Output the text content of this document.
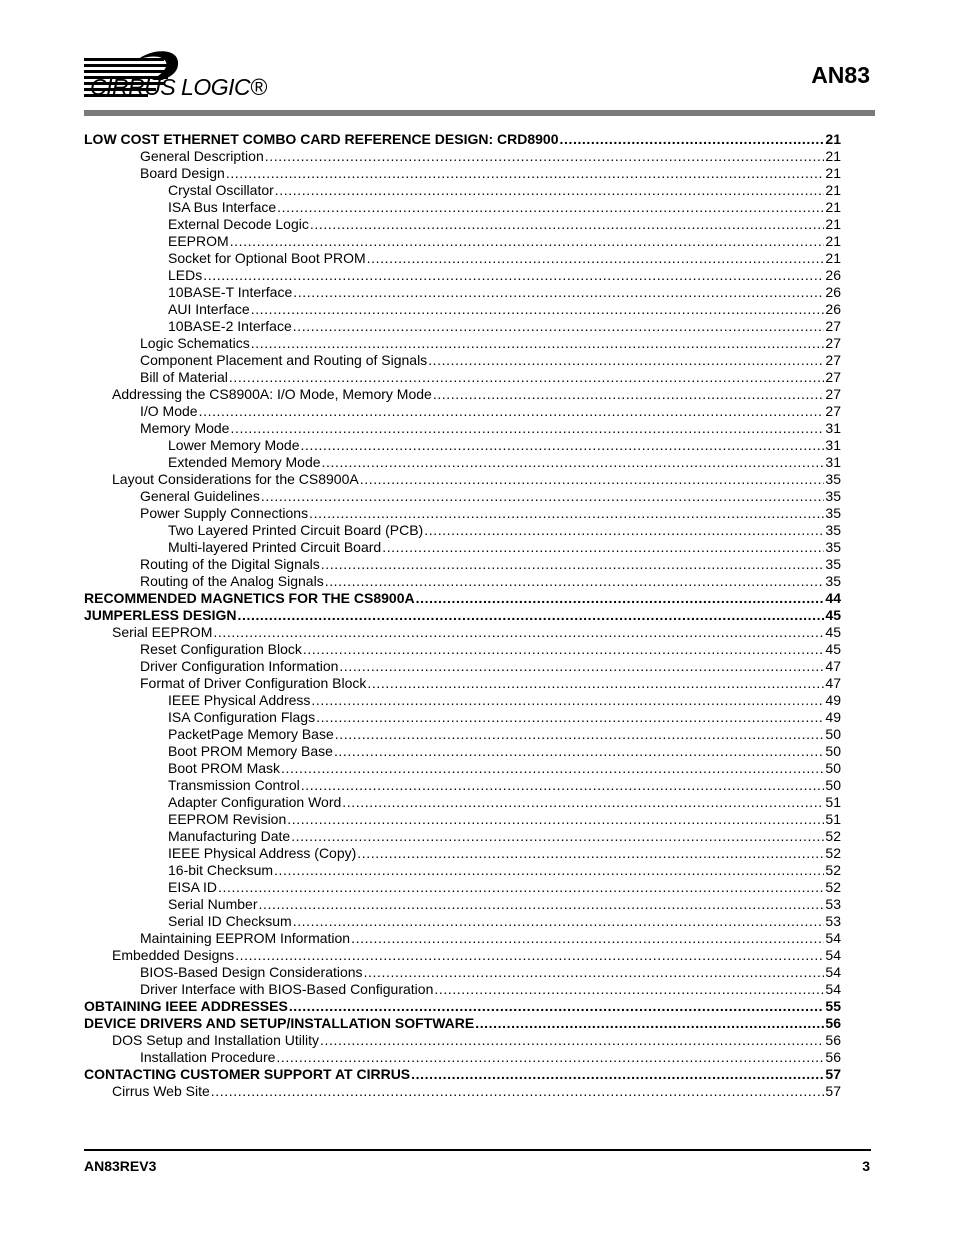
CIRRUS LOGIC®	AN83
LOW COST ETHERNET COMBO CARD REFERENCE DESIGN: CRD8900 .....	21
General Description .....	21
Board Design .....	21
Crystal Oscillator .....	21
ISA Bus Interface .....	21
External Decode Logic .....	21
EEPROM .....	21
Socket for Optional Boot PROM .....	21
LEDs .....	26
10BASE-T Interface .....	26
AUI Interface .....	26
10BASE-2 Interface .....	27
Logic Schematics .....	27
Component Placement and Routing of Signals .....	27
Bill of Material .....	27
Addressing the CS8900A: I/O Mode, Memory Mode .....	27
I/O Mode .....	27
Memory Mode .....	31
Lower Memory Mode .....	31
Extended Memory Mode .....	31
Layout Considerations for the CS8900A .....	35
General Guidelines .....	35
Power Supply Connections .....	35
Two Layered Printed Circuit Board (PCB) .....	35
Multi-layered Printed Circuit Board .....	35
Routing of the Digital Signals .....	35
Routing of the Analog Signals .....	35
RECOMMENDED MAGNETICS FOR THE CS8900A .....	44
JUMPERLESS DESIGN .....	45
Serial EEPROM .....	45
Reset Configuration Block .....	45
Driver Configuration Information .....	47
Format of Driver Configuration Block .....	47
IEEE Physical Address .....	49
ISA Configuration Flags .....	49
PacketPage Memory Base .....	50
Boot PROM Memory Base .....	50
Boot PROM Mask .....	50
Transmission Control .....	50
Adapter Configuration Word .....	51
EEPROM Revision .....	51
Manufacturing Date .....	52
IEEE Physical Address (Copy) .....	52
16-bit Checksum .....	52
EISA ID .....	52
Serial Number .....	53
Serial ID Checksum .....	53
Maintaining EEPROM Information .....	54
Embedded Designs .....	54
BIOS-Based Design Considerations .....	54
Driver Interface with BIOS-Based Configuration .....	54
OBTAINING IEEE ADDRESSES .....	55
DEVICE DRIVERS AND SETUP/INSTALLATION SOFTWARE .....	56
DOS Setup and Installation Utility .....	56
Installation Procedure .....	56
CONTACTING CUSTOMER SUPPORT AT CIRRUS .....	57
Cirrus Web Site .....	57
AN83REV3	3
